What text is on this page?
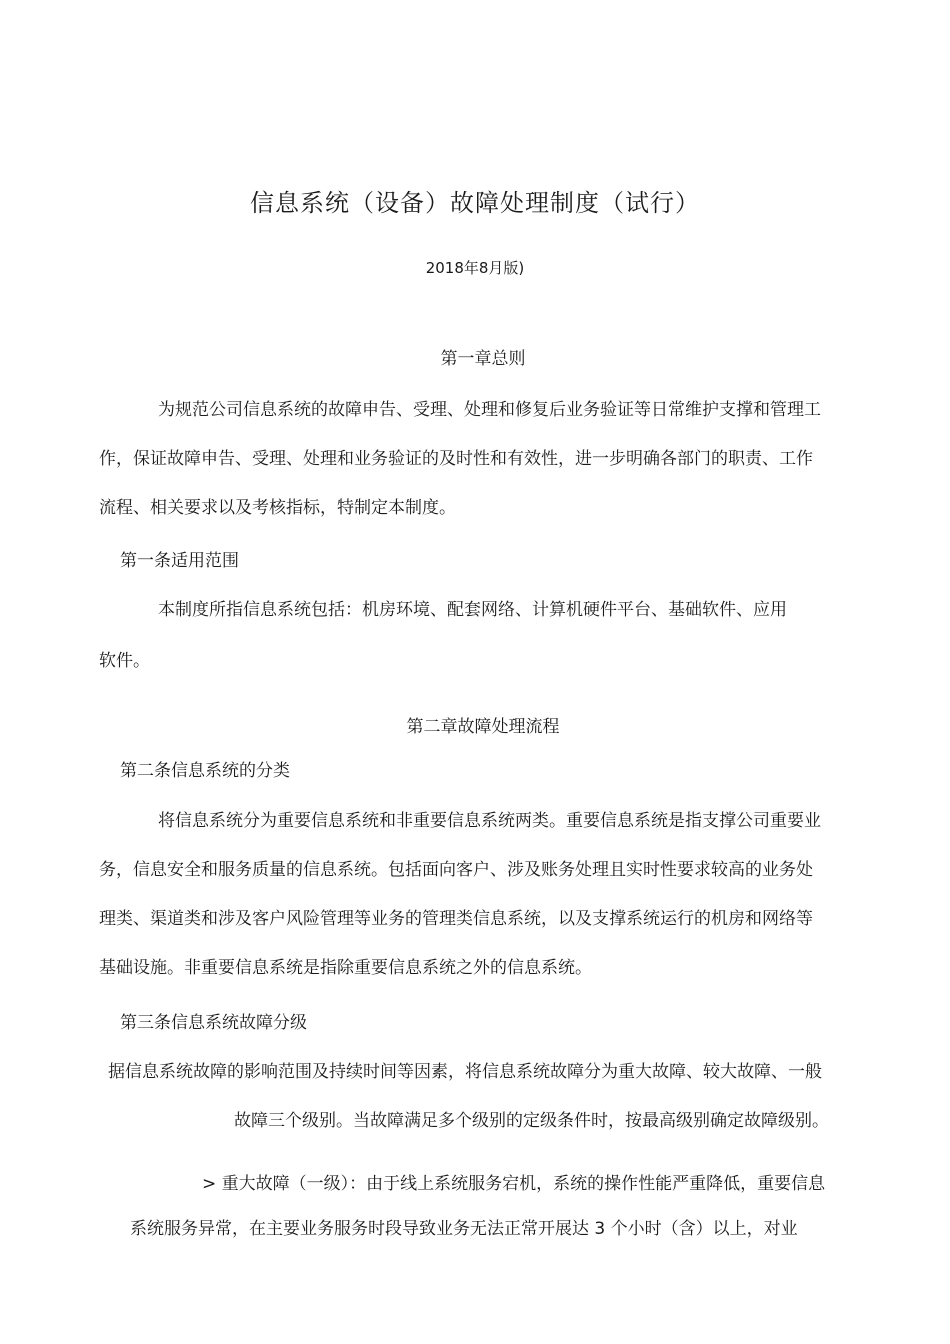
信息系统（设备）故障处理制度（试行）
2018年8月版)
第一章总则
为规范公司信息系统的故障申告、受理、处理和修复后业务验证等日常维护支撑和管理工
作，保证故障申告、受理、处理和业务验证的及时性和有效性，进一步明确各部门的职责、工作
流程、相关要求以及考核指标，特制定本制度。
第一条适用范围
本制度所指信息系统包括：机房环境、配套网络、计算机硬件平台、基础软件、应用
软件。
第二章故障处理流程
第二条信息系统的分类
将信息系统分为重要信息系统和非重要信息系统两类。重要信息系统是指支撑公司重要业
务，信息安全和服务质量的信息系统。包括面向客户、涉及账务处理且实时性要求较高的业务处
理类、渠道类和涉及客户风险管理等业务的管理类信息系统，以及支撑系统运行的机房和网络等
基础设施。非重要信息系统是指除重要信息系统之外的信息系统。
第三条信息系统故障分级
据信息系统故障的影响范围及持续时间等因素，将信息系统故障分为重大故障、较大故障、一般
故障三个级别。当故障满足多个级别的定级条件时，按最高级别确定故障级别。
> 重大故障（一级）：由于线上系统服务宕机，系统的操作性能严重降低，重要信息
系统服务异常，在主要业务服务时段导致业务无法正常开展达 3 个小时（含）以上，对业
